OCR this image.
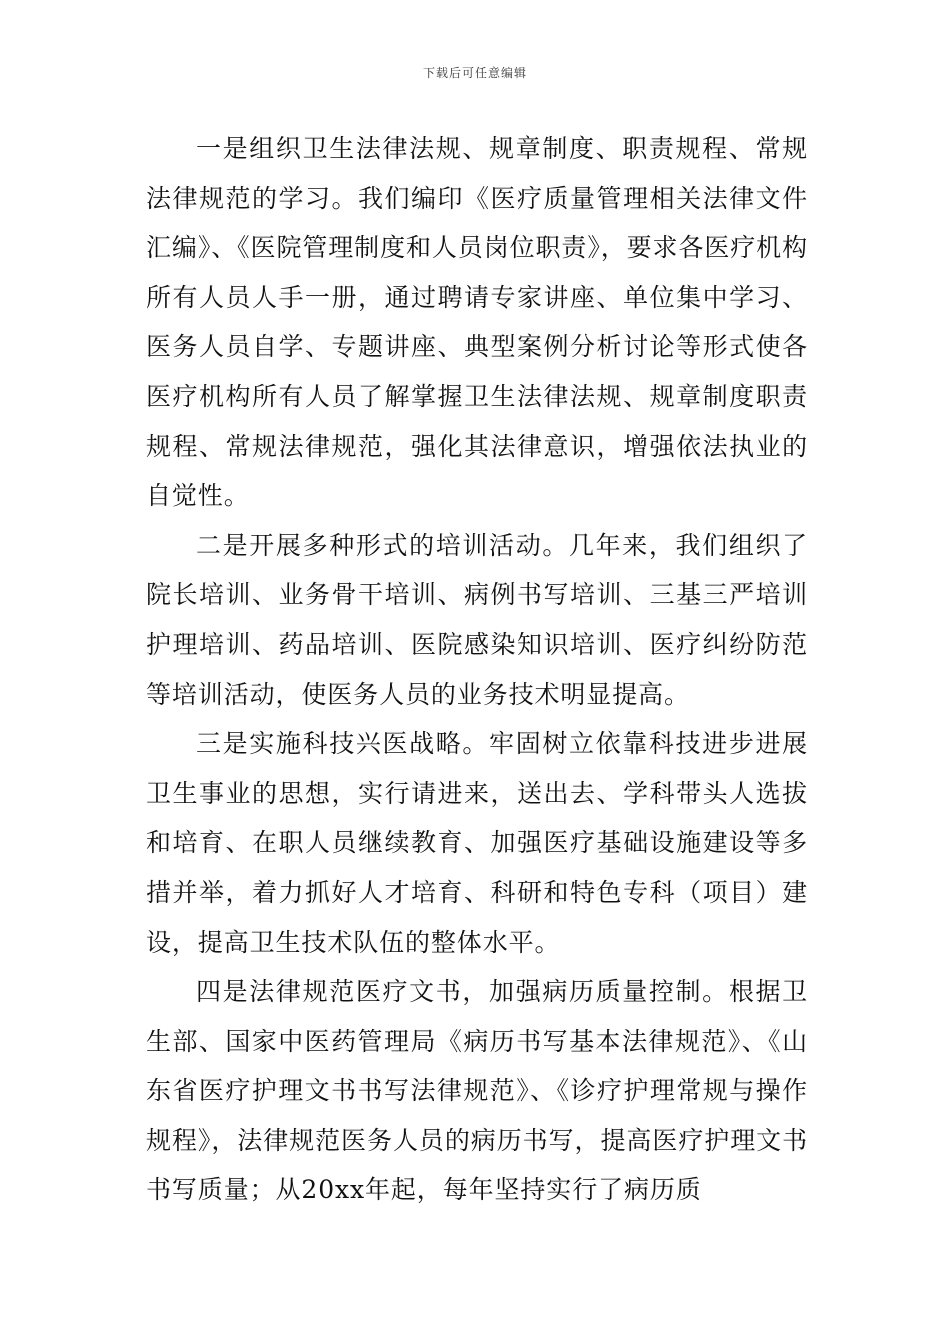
下载后可任意编辑

一是组织卫生法律法规、规章制度、职责规程、常规法律规范的学习。我们编印《医疗质量管理相关法律文件汇编》、《医院管理制度和人员岗位职责》，要求各医疗机构所有人员人手一册，通过聘请专家讲座、单位集中学习、医务人员自学、专题讲座、典型案例分析讨论等形式使各医疗机构所有人员了解掌握卫生法律法规、规章制度职责规程、常规法律规范，强化其法律意识，增强依法执业的自觉性。

二是开展多种形式的培训活动。几年来，我们组织了院长培训、业务骨干培训、病例书写培训、三基三严培训护理培训、药品培训、医院感染知识培训、医疗纠纷防范等培训活动，使医务人员的业务技术明显提高。

三是实施科技兴医战略。牢固树立依靠科技进步进展卫生事业的思想，实行请进来，送出去、学科带头人选拔和培育、在职人员继续教育、加强医疗基础设施建设等多措并举，着力抓好人才培育、科研和特色专科（项目）建设，提高卫生技术队伍的整体水平。

四是法律规范医疗文书，加强病历质量控制。根据卫生部、国家中医药管理局《病历书写基本法律规范》、《山东省医疗护理文书书写法律规范》、《诊疗护理常规与操作规程》，法律规范医务人员的病历书写，提高医疗护理文书书写质量；从20xx年起，每年坚持实行了病历质
